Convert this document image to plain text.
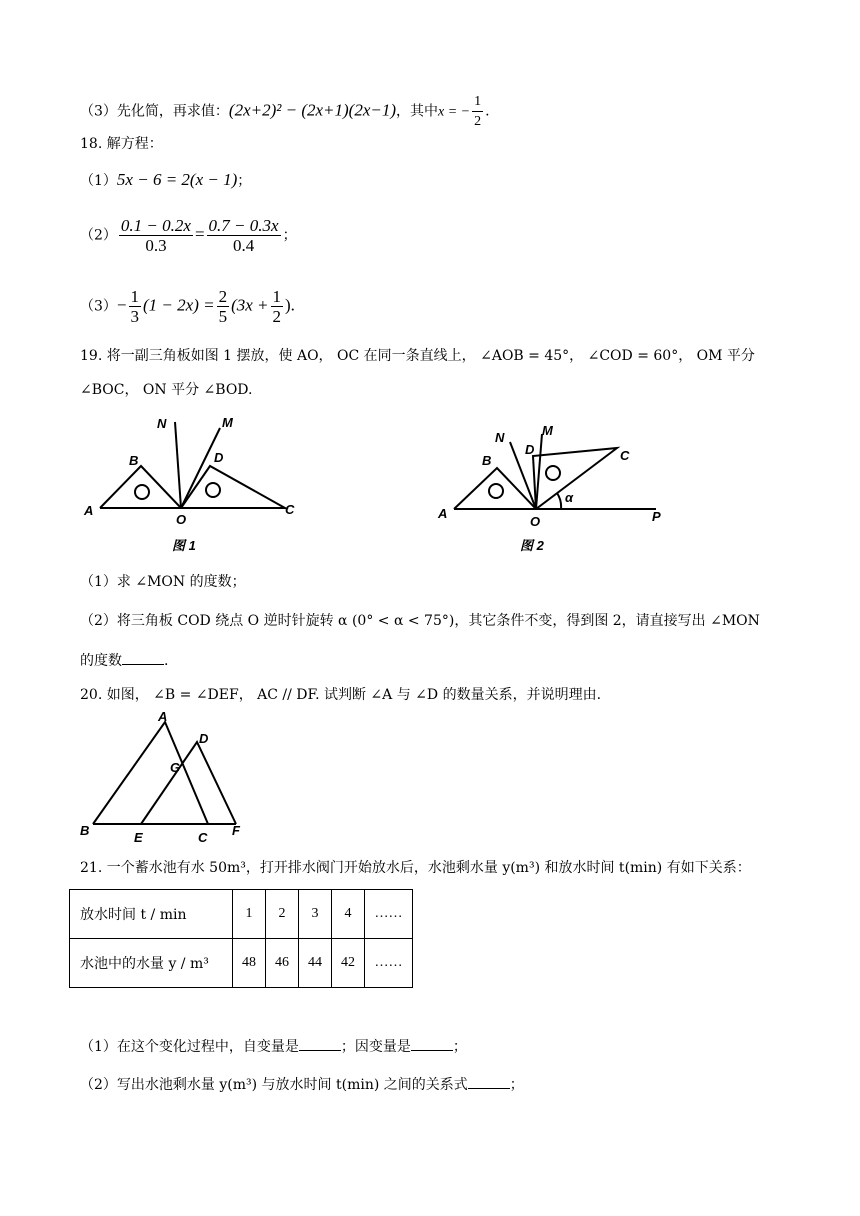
（3）先化简，再求值：(2x+2)² − (2x+1)(2x−1)，其中x = − $\frac{1}{2}$ .
18. 解方程：
（1）5x − 6 = 2(x − 1)；
$(2) \frac{0.1 - 0.2x}{0.3} = \frac{0.7 - 0.3x}{0.4}$ ；
$(3)- \frac{1}{3} (1 - 2x) = \frac{2}{5} (3x + \frac{1}{2}$ ).
19. 将一副三角板如图 1 摆放，使 AO， OC 在同一条直线上， ∠AOB = 45°， ∠COD = 60°， OM 平分
∠BOC， ON 平分 ∠BOD.
A
B
O
D
C
N	M
图 1
A
B
O
D	C
N	M
P
α
图 2
（1）求 ∠MON 的度数；
（2）将三角板 COD 绕点 O 逆时针旋转 α (0° < α < 75°)，其它条件不变，得到图 2，请直接写出 ∠MON
的度数	.
20. 如图， ∠B = ∠DEF， AC // DF. 试判断 ∠A 与 ∠D 的数量关系，并说明理由.
A
D
G
B	E	C F
21. 一个蓄水池有水 50m³，打开排水阀门开始放水后，水池剩水量 y(m³) 和放水时间 t(min) 有如下关系：
放水时间 t / min	1	2	3	4	……
水池中的水量 y / m³	48	46	44	42	……
（1）在这个变化过程中，自变量是	；因变量是	；
（2）写出水池剩水量 y(m³) 与放水时间 t(min) 之间的关系式	；
